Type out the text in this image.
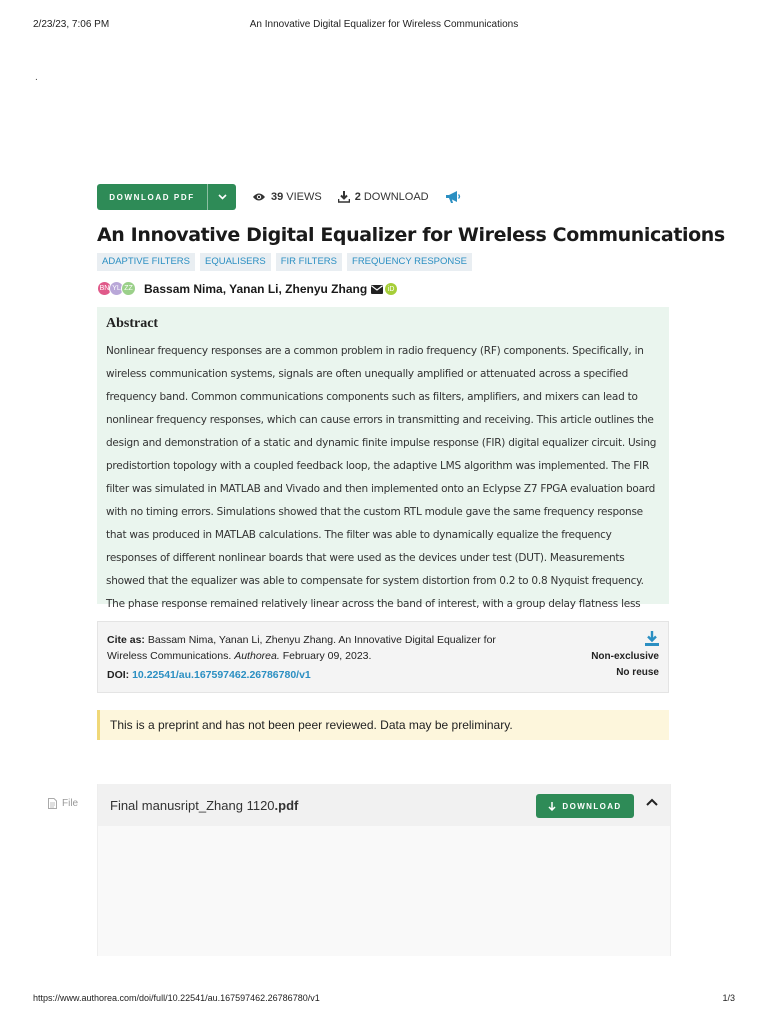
2/23/23, 7:06 PM	An Innovative Digital Equalizer for Wireless Communications
.
DOWNLOAD PDF	39 VIEWS	2 DOWNLOAD
An Innovative Digital Equalizer for Wireless Communications
ADAPTIVE FILTERS	EQUALISERS	FIR FILTERS	FREQUENCY RESPONSE
BN YL ZZ Bassam Nima, Yanan Li, Zhenyu Zhang	iD
Abstract

Nonlinear frequency responses are a common problem in radio frequency (RF) components. Specifically, in wireless communication systems, signals are often unequally amplified or attenuated across a specified frequency band. Common communications components such as filters, amplifiers, and mixers can lead to nonlinear frequency responses, which can cause errors in transmitting and receiving. This article outlines the design and demonstration of a static and dynamic finite impulse response (FIR) digital equalizer circuit. Using predistortion topology with a coupled feedback loop, the adaptive LMS algorithm was implemented. The FIR filter was simulated in MATLAB and Vivado and then implemented onto an Eclypse Z7 FPGA evaluation board with no timing errors. Simulations showed that the custom RTL module gave the same frequency response that was produced in MATLAB calculations. The filter was able to dynamically equalize the frequency responses of different nonlinear boards that were used as the devices under test (DUT). Measurements showed that the equalizer was able to compensate for system distortion from 0.2 to 0.8 Nyquist frequency. The phase response remained relatively linear across the band of interest, with a group delay flatness less

Cite as: Bassam Nima, Yanan Li, Zhenyu Zhang. An Innovative Digital Equalizer for Wireless Communications. Authorea. February 09, 2023.
DOI: 10.22541/au.167597462.26786780/v1
Non-exclusive
No reuse
This is a preprint and has not been peer reviewed. Data may be preliminary.
File Final manusript_Zhang 1120.pdf	DOWNLOAD
https://www.authorea.com/doi/full/10.22541/au.167597462.26786780/v1	1/3
